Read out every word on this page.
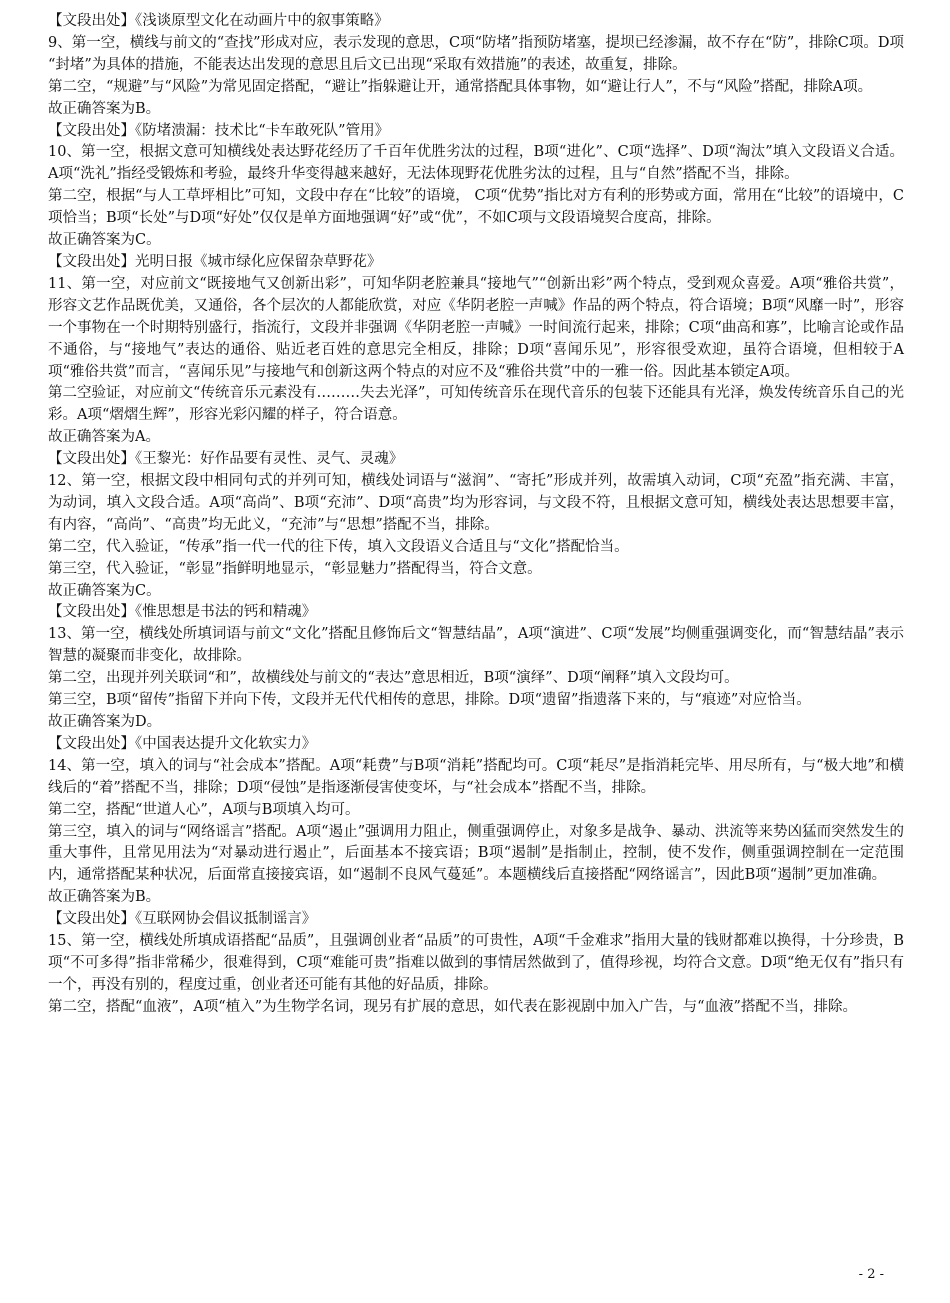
【文段出处】《浅谈原型文化在动画片中的叙事策略》

9、第一空，横线与前文的“查找”形成对应，表示发现的意思，C项“防堵”指预防堵塞，提坝已经渗漏，故不存在“防”，排除C项。D项 “封堵”为具体的措施，不能表达出发现的意思且后文已出现“采取有效措施”的表述，故重复，排除。

第二空，“规避”与“风险”为常见固定搭配，“避让”指躲避让开，通常搭配具体事物，如“避让行人”，不与“风险”搭配，排除A项。

故正确答案为B。

【文段出处】《防堵溃漏：技术比“卡车敢死队”管用》

10、第一空，根据文意可知横线处表达野花经历了千百年优胜劣汰的过程，B项“进化”、C项“选择”、D项“淘汰”填入文段语义合适。A项“洗礼”指经受锻炼和考验，最终升华变得越来越好，无法体现野花优胜劣汰的过程，且与“自然”搭配不当，排除。

第二空，根据“与人工草坪相比”可知，文段中存在“比较”的语境， C项“优势”指比对方有利的形势或方面，常用在“比较”的语境中，C项恰当；B项“长处”与D项“好处”仅仅是单方面地强调“好”或“优”，不如C项与文段语境契合度高，排除。

故正确答案为C。

【文段出处】光明日报《城市绿化应保留杂草野花》

11、第一空，对应前文“既接地气又创新出彩”，可知华阴老腔兼具“接地气”“创新出彩”两个特点，受到观众喜爱。A项“雅俗共赏”，形容文艺作品既优美，又通俗，各个层次的人都能欣赏，对应《华阴老腔一声喊》作品的两个特点，符合语境；B项“风靡一时”，形容一个事物在一个时期特别盛行，指流行，文段并非强调《华阴老腔一声喊》一时间流行起来，排除；C项“曲高和寡”，比喻言论或作品不通俗，与“接地气”表达的通俗、贴近老百姓的意思完全相反，排除；D项“喜闻乐见”，形容很受欢迎，虽符合语境，但相较于A项“雅俗共赏”而言，“喜闻乐见”与接地气和创新这两个特点的对应不及“雅俗共赏”中的一雅一俗。因此基本锁定A项。

第二空验证，对应前文“传统音乐元素没有………失去光泽”，可知传统音乐在现代音乐的包装下还能具有光泽，焕发传统音乐自己的光彩。A项“熠熠生辉”，形容光彩闪耀的样子，符合语意。

故正确答案为A。

【文段出处】《王黎光：好作品要有灵性、灵气、灵魂》

12、第一空，根据文段中相同句式的并列可知，横线处词语与“滋润”、“寄托”形成并列，故需填入动词，C项“充盈”指充满、丰富，为动词，填入文段合适。A项“高尚”、B项“充沛”、D项“高贵”均为形容词，与文段不符，且根据文意可知，横线处表达思想要丰富，有内容，“高尚”、“高贵”均无此义，“充沛”与“思想”搭配不当，排除。

第二空，代入验证，“传承”指一代一代的往下传，填入文段语义合适且与“文化”搭配恰当。

第三空，代入验证，“彰显”指鲜明地显示，“彰显魅力”搭配得当，符合文意。

故正确答案为C。

【文段出处】《惟思想是书法的钙和精魂》

13、第一空，横线处所填词语与前文“文化”搭配且修饰后文“智慧结晶”，A项“演进”、C项“发展”均侧重强调变化，而“智慧结晶”表示智慧的凝聚而非变化，故排除。

第二空，出现并列关联词“和”，故横线处与前文的“表达”意思相近，B项“演绎”、D项“阐释”填入文段均可。

第三空，B项“留传”指留下并向下传，文段并无代代相传的意思，排除。D项“遗留”指遗落下来的，与“痕迹”对应恰当。

故正确答案为D。

【文段出处】《中国表达提升文化软实力》

14、第一空，填入的词与“社会成本”搭配。A项“耗费”与B项“消耗”搭配均可。C项“耗尽”是指消耗完毕、用尽所有，与“极大地”和横线后的“着”搭配不当，排除；D项“侵蚀”是指逐渐侵害使变坏，与“社会成本”搭配不当，排除。

第二空，搭配“世道人心”，A项与B项填入均可。

第三空，填入的词与“网络谣言”搭配。A项“遏止”强调用力阻止，侧重强调停止，对象多是战争、暴动、洪流等来势凶猛而突然发生的重大事件，且常见用法为“对暴动进行遏止”，后面基本不接宾语；B项“遏制”是指制止，控制，使不发作，侧重强调控制在一定范围内，通常搭配某种状况，后面常直接接宾语，如“遏制不良风气蔓延”。本题横线后直接搭配“网络谣言”，因此B项“遏制”更加准确。

故正确答案为B。

【文段出处】《互联网协会倡议抵制谣言》

15、第一空，横线处所填成语搭配“品质”，且强调创业者“品质”的可贵性，A项“千金难求”指用大量的钱财都难以换得，十分珍贵，B项“不可多得”指非常稀少，很难得到，C项“难能可贵”指难以做到的事情居然做到了，值得珍视，均符合文意。D项“绝无仅有”指只有一个，再没有别的，程度过重，创业者还可能有其他的好品质，排除。

第二空，搭配“血液”，A项“植入”为生物学名词，现另有扩展的意思，如代表在影视剧中加入广告，与“血液”搭配不当，排除。

- 2 -
